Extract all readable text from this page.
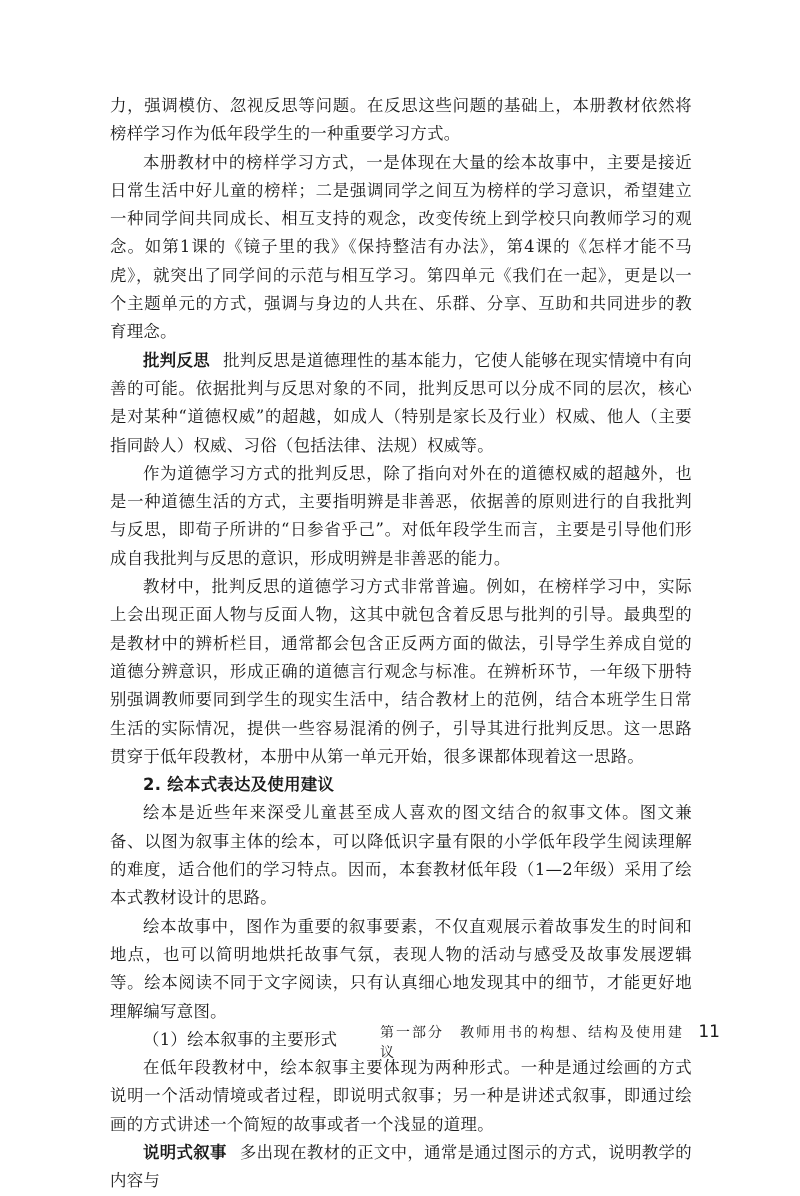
力，强调模仿、忽视反思等问题。在反思这些问题的基础上，本册教材依然将榜样学习作为低年段学生的一种重要学习方式。

本册教材中的榜样学习方式，一是体现在大量的绘本故事中，主要是接近日常生活中好儿童的榜样；二是强调同学之间互为榜样的学习意识，希望建立一种同学间共同成长、相互支持的观念，改变传统上到学校只向教师学习的观念。如第1课的《镜子里的我》《保持整洁有办法》，第4课的《怎样才能不马虎》，就突出了同学间的示范与相互学习。第四单元《我们在一起》，更是以一个主题单元的方式，强调与身边的人共在、乐群、分享、互助和共同进步的教育理念。

批判反思 批判反思是道德理性的基本能力，它使人能够在现实情境中有向善的可能。依据批判与反思对象的不同，批判反思可以分成不同的层次，核心是对某种“道德权威”的超越，如成人（特别是家长及行业）权威、他人（主要指同龄人）权威、习俗（包括法律、法规）权威等。

作为道德学习方式的批判反思，除了指向对外在的道德权威的超越外，也是一种道德生活的方式，主要指明辨是非善恶，依据善的原则进行的自我批判与反思，即荀子所讲的“日参省乎己”。对低年段学生而言，主要是引导他们形成自我批判与反思的意识，形成明辨是非善恶的能力。

教材中，批判反思的道德学习方式非常普遍。例如，在榜样学习中，实际上会出现正面人物与反面人物，这其中就包含着反思与批判的引导。最典型的是教材中的辨析栏目，通常都会包含正反两方面的做法，引导学生养成自觉的道德分辨意识，形成正确的道德言行观念与标准。在辨析环节，一年级下册特别强调教师要同到学生的现实生活中，结合教材上的范例，结合本班学生日常生活的实际情况，提供一些容易混淆的例子，引导其进行批判反思。这一思路贯穿于低年段教材，本册中从第一单元开始，很多课都体现着这一思路。

2. 绘本式表达及使用建议

绘本是近些年来深受儿童甚至成人喜欢的图文结合的叙事文体。图文兼备、以图为叙事主体的绘本，可以降低识字量有限的小学低年段学生阅读理解的难度，适合他们的学习特点。因而，本套教材低年段（1—2年级）采用了绘本式教材设计的思路。

绘本故事中，图作为重要的叙事要素，不仅直观展示着故事发生的时间和地点，也可以简明地烘托故事气氛，表现人物的活动与感受及故事发展逻辑等。绘本阅读不同于文字阅读，只有认真细心地发现其中的细节，才能更好地理解编写意图。

（1）绘本叙事的主要形式

在低年段教材中，绘本叙事主要体现为两种形式。一种是通过绘画的方式说明一个活动情境或者过程，即说明式叙事；另一种是讲述式叙事，即通过绘画的方式讲述一个简短的故事或者一个浅显的道理。

说明式叙事 多出现在教材的正文中，通常是通过图示的方式，说明教学的内容与

第一部分　教师用书的构想、结构及使用建议
11
